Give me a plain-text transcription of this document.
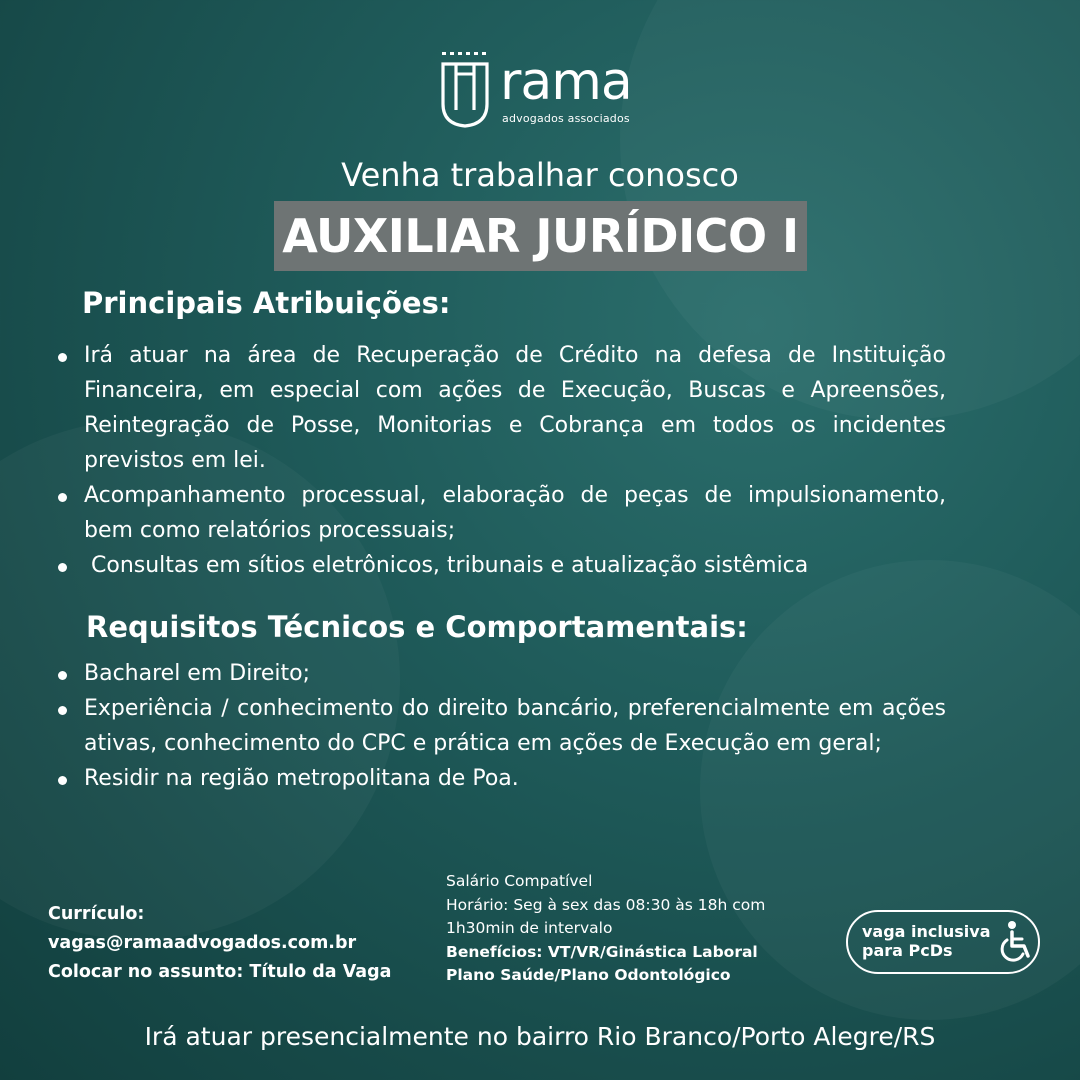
rama
advogados associados
Venha trabalhar conosco
AUXILIAR JURÍDICO I
Principais Atribuições:
Irá atuar na área de Recuperação de Crédito na defesa de Instituição Financeira, em especial com ações de Execução, Buscas e Apreensões, Reintegração de Posse, Monitorias e Cobrança em todos os incidentes previstos em lei.
Acompanhamento processual, elaboração de peças de impulsionamento, bem como relatórios processuais;
Consultas em sítios eletrônicos, tribunais e atualização sistêmica
Requisitos Técnicos e Comportamentais:
Bacharel em Direito;
Experiência / conhecimento do direito bancário, preferencialmente em ações ativas, conhecimento do CPC e prática em ações de Execução em geral;
Residir na região metropolitana de Poa.
Currículo:
vagas@ramaadvogados.com.br
Colocar no assunto: Título da Vaga
Salário Compatível
Horário: Seg à sex das 08:30 às 18h com
1h30min de intervalo
Benefícios: VT/VR/Ginástica Laboral
Plano Saúde/Plano Odontológico
vaga inclusiva
para PcDs
Irá atuar presencialmente no bairro Rio Branco/Porto Alegre/RS
